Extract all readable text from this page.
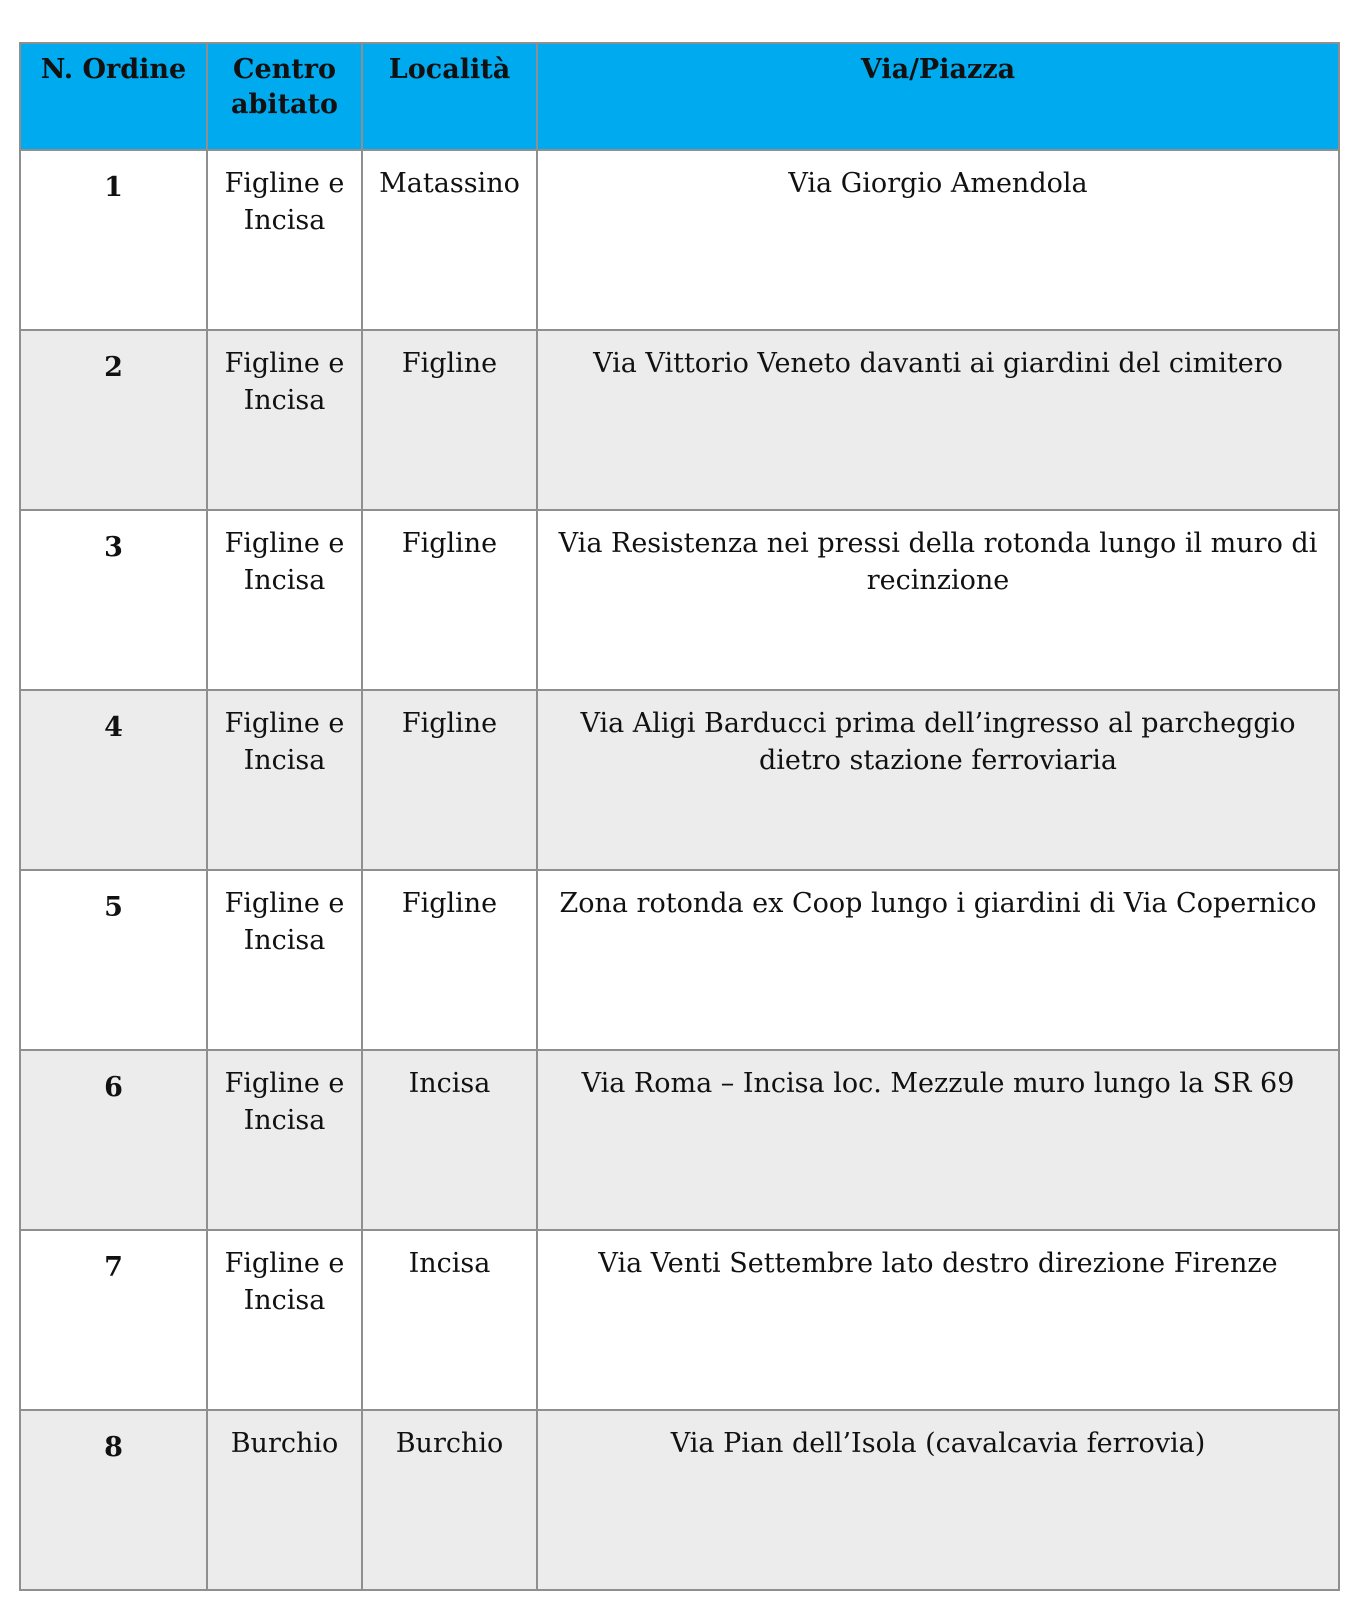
N. Ordine	Centro abitato	Località	Via/Piazza
1	Figline e Incisa	Matassino	Via Giorgio Amendola
2	Figline e Incisa	Figline	Via Vittorio Veneto davanti ai giardini del cimitero
3	Figline e Incisa	Figline	Via Resistenza nei pressi della rotonda lungo il muro di recinzione
4	Figline e Incisa	Figline	Via Aligi Barducci prima dell’ingresso al parcheggio dietro stazione ferroviaria
5	Figline e Incisa	Figline	Zona rotonda ex Coop lungo i giardini di Via Copernico
6	Figline e Incisa	Incisa	Via Roma – Incisa loc. Mezzule muro lungo la SR 69
7	Figline e Incisa	Incisa	Via Venti Settembre lato destro direzione Firenze
8	Burchio	Burchio	Via Pian dell’Isola (cavalcavia ferrovia)
